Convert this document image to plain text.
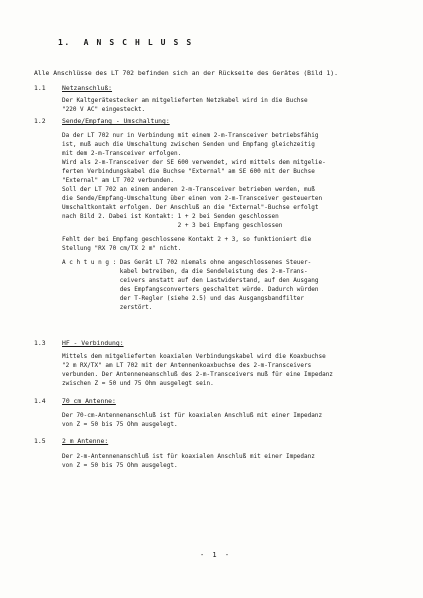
1.  A N S C H L U S S
Alle Anschlüsse des LT 702 befinden sich an der Rückseite des Gerätes (Bild 1).
1.1	Netzanschluß:
Der Kaltgerätestecker am mitgelieferten Netzkabel wird in die Buchse
"220 V AC" eingesteckt.
1.2	Sende/Empfang - Umschaltung:
Da der LT 702 nur in Verbindung mit einem 2-m-Transceiver betriebsfähig
ist, muß auch die Umschaltung zwischen Senden und Empfang gleichzeitig
mit dem 2-m-Transceiver erfolgen.
Wird als 2-m-Transceiver der SE 600 verwendet, wird mittels dem mitgelie-
ferten Verbindungskabel die Buchse "External" am SE 600 mit der Buchse
"External" am LT 702 verbunden.
Soll der LT 702 an einem anderen 2-m-Transceiver betrieben werden, muß
die Sende/Empfang-Umschaltung über einen vom 2-m-Transceiver gesteuerten
Umschaltkontakt erfolgen. Der Anschluß an die "External"-Buchse erfolgt
nach Bild 2. Dabei ist Kontakt: 1 + 2 bei Senden geschlossen
2 + 3 bei Empfang geschlossen
Fehlt der bei Empfang geschlossene Kontakt 2 + 3, so funktioniert die
Stellung "RX 70 cm/TX 2 m" nicht.
A c h t u n g : Das Gerät LT 702 niemals ohne angeschlossenes Steuer-
kabel betreiben, da die Sendeleistung des 2-m-Trans-
ceivers anstatt auf den Lastwiderstand, auf den Ausgang
des Empfangsconverters geschaltet würde. Dadurch würden
der T-Regler (siehe 2.5) und das Ausgangsbandfilter
zerstört.
1.3	HF - Verbindung:
Mittels dem mitgelieferten koaxialen Verbindungskabel wird die Koaxbuchse
"2 m RX/TX" am LT 702 mit der Antennenkoaxbuchse des 2-m-Transceivers
verbunden. Der Antenneneanschluß des 2-m-Transceivers muß für eine Impedanz
zwischen Z = 50 und 75 Ohm ausgelegt sein.
1.4	70 cm Antenne:
Der 70-cm-Antennenanschluß ist für koaxialen Anschluß mit einer Impedanz
von Z = 50 bis 75 Ohm ausgelegt.
1.5	2 m Antenne:
Der 2-m-Antennenanschluß ist für koaxialen Anschluß mit einer Impedanz
von Z = 50 bis 75 Ohm ausgelegt.
- 1 -
